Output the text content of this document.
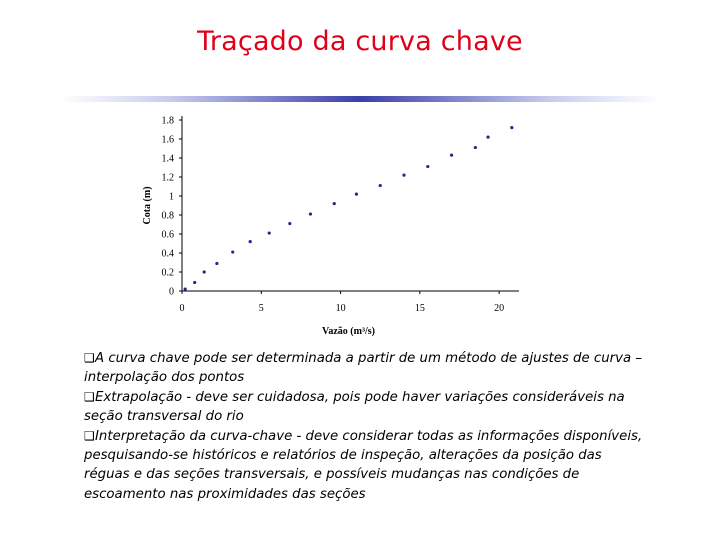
Traçado da curva chave
0
0.2
0.4
0.6
0.8
1
1.2
1.4
1.6
1.8
0	5	10	15	20
Vazão (m³/s)
Cota (m)

❑A curva chave pode ser determinada a partir de um método de ajustes de curva – interpolação dos pontos

❑Extrapolação - deve ser cuidadosa, pois pode haver variações consideráveis na seção transversal do rio

❑Interpretação da curva-chave - deve considerar todas as informações disponíveis, pesquisando-se históricos e relatórios de inspeção, alterações da posição das réguas e das seções transversais, e possíveis mudanças nas condições de escoamento nas proximidades das seções
